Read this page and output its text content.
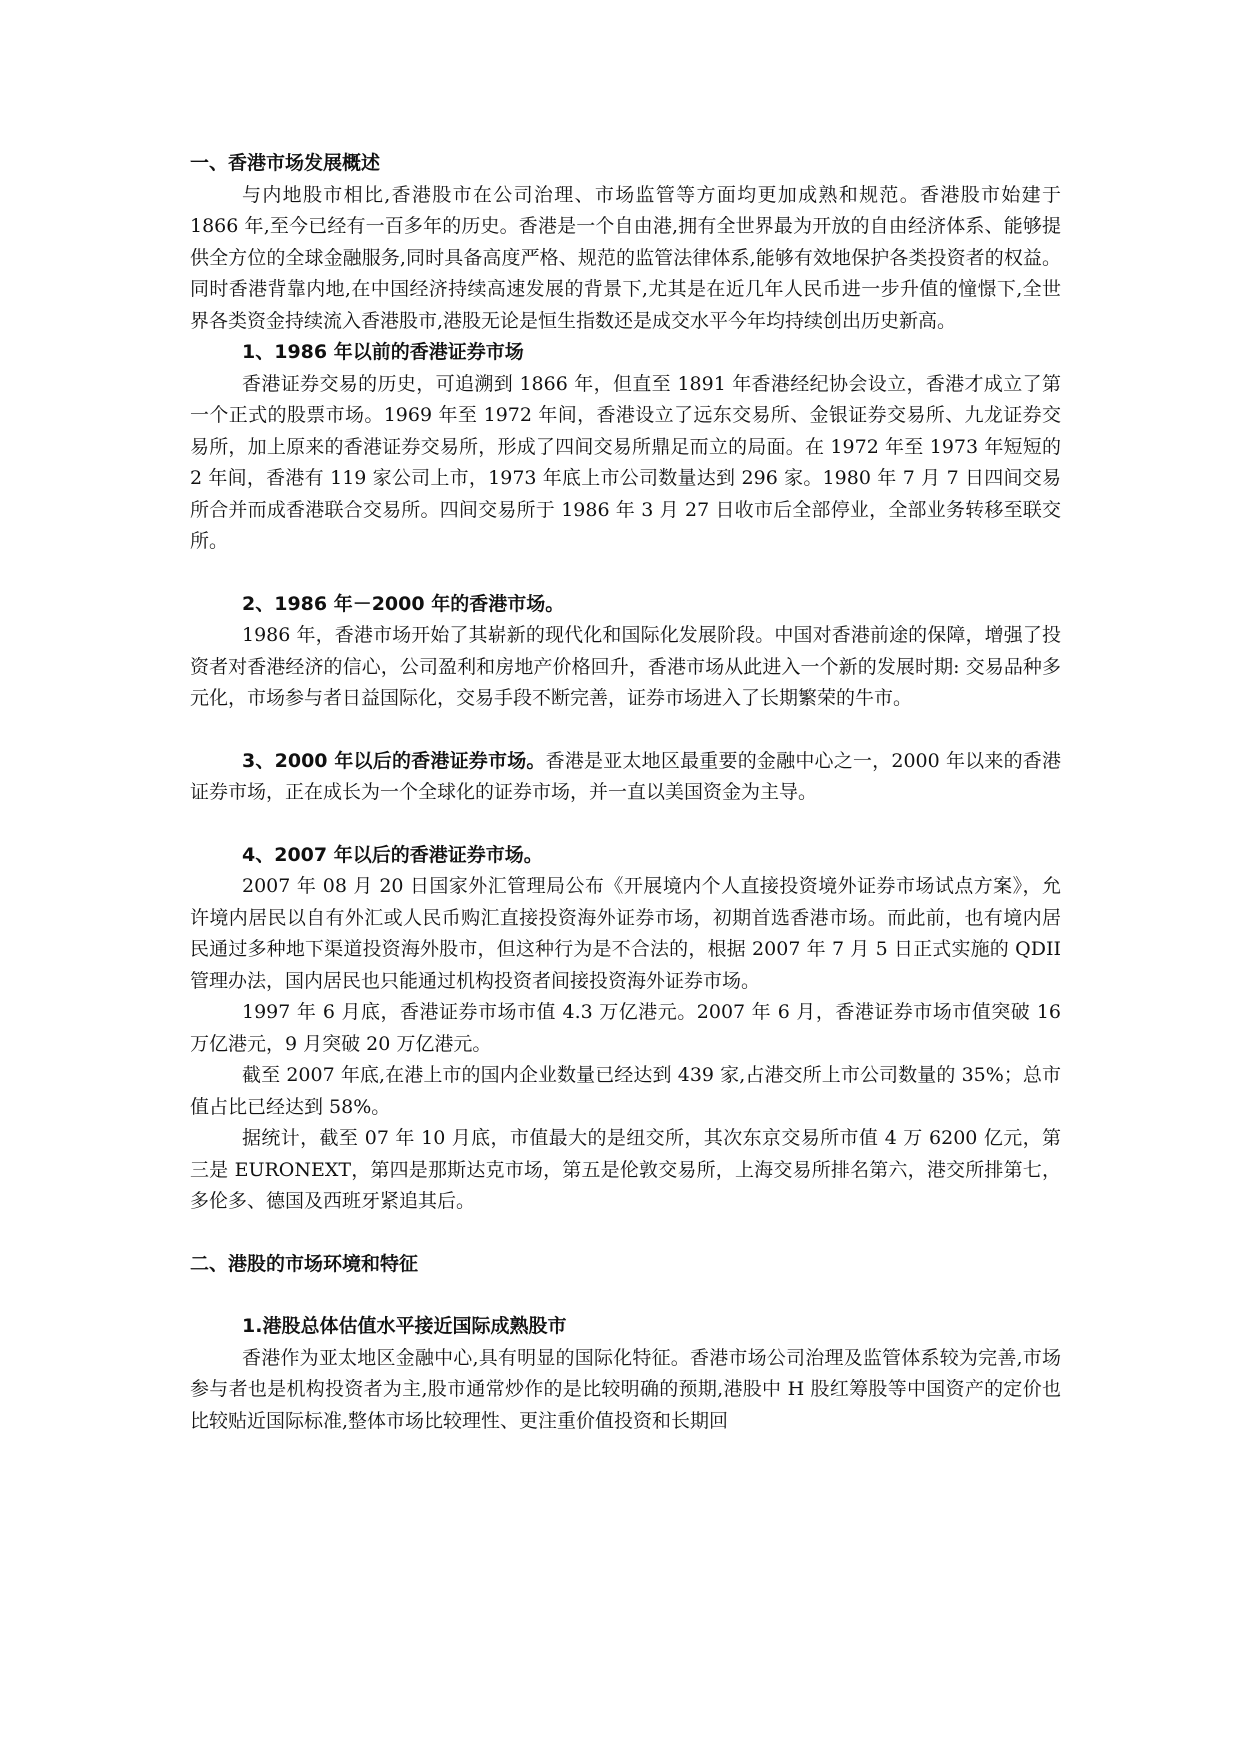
一、香港市场发展概述
与内地股市相比,香港股市在公司治理、市场监管等方面均更加成熟和规范。香港股市始建于 1866 年,至今已经有一百多年的历史。香港是一个自由港,拥有全世界最为开放的自由经济体系、能够提供全方位的全球金融服务,同时具备高度严格、规范的监管法律体系,能够有效地保护各类投资者的权益。同时香港背靠内地,在中国经济持续高速发展的背景下,尤其是在近几年人民币进一步升值的憧憬下,全世界各类资金持续流入香港股市,港股无论是恒生指数还是成交水平今年均持续创出历史新高。
1、1986 年以前的香港证券市场
香港证券交易的历史，可追溯到 1866 年，但直至 1891 年香港经纪协会设立，香港才成立了第一个正式的股票市场。1969 年至 1972 年间，香港设立了远东交易所、金银证券交易所、九龙证券交易所，加上原来的香港证券交易所，形成了四间交易所鼎足而立的局面。在 1972 年至 1973 年短短的 2 年间，香港有 119 家公司上市，1973 年底上市公司数量达到 296 家。1980 年 7 月 7 日四间交易所合并而成香港联合交易所。四间交易所于 1986 年 3 月 27 日收市后全部停业，全部业务转移至联交所。
2、1986 年－2000 年的香港市场。
1986 年，香港市场开始了其崭新的现代化和国际化发展阶段。中国对香港前途的保障，增强了投资者对香港经济的信心，公司盈利和房地产价格回升，香港市场从此进入一个新的发展时期: 交易品种多元化，市场参与者日益国际化，交易手段不断完善，证券市场进入了长期繁荣的牛市。
3、2000 年以后的香港证券市场。香港是亚太地区最重要的金融中心之一，2000 年以来的香港证券市场，正在成长为一个全球化的证券市场，并一直以美国资金为主导。
4、2007 年以后的香港证券市场。
2007 年 08 月 20 日国家外汇管理局公布《开展境内个人直接投资境外证券市场试点方案》，允许境内居民以自有外汇或人民币购汇直接投资海外证券市场，初期首选香港市场。而此前，也有境内居民通过多种地下渠道投资海外股市，但这种行为是不合法的，根据 2007 年 7 月 5 日正式实施的 QDII 管理办法，国内居民也只能通过机构投资者间接投资海外证券市场。
1997 年 6 月底，香港证券市场市值 4.3 万亿港元。2007 年 6 月，香港证券市场市值突破 16 万亿港元，9 月突破 20 万亿港元。
截至 2007 年底,在港上市的国内企业数量已经达到 439 家,占港交所上市公司数量的 35%；总市值占比已经达到 58%。
据统计，截至 07 年 10 月底，市值最大的是纽交所，其次东京交易所市值 4 万 6200 亿元，第三是 EURONEXT，第四是那斯达克市场，第五是伦敦交易所，上海交易所排名第六，港交所排第七，多伦多、德国及西班牙紧追其后。
二、港股的市场环境和特征
1.港股总体估值水平接近国际成熟股市
香港作为亚太地区金融中心,具有明显的国际化特征。香港市场公司治理及监管体系较为完善,市场参与者也是机构投资者为主,股市通常炒作的是比较明确的预期,港股中 H 股红筹股等中国资产的定价也比较贴近国际标准,整体市场比较理性、更注重价值投资和长期回
